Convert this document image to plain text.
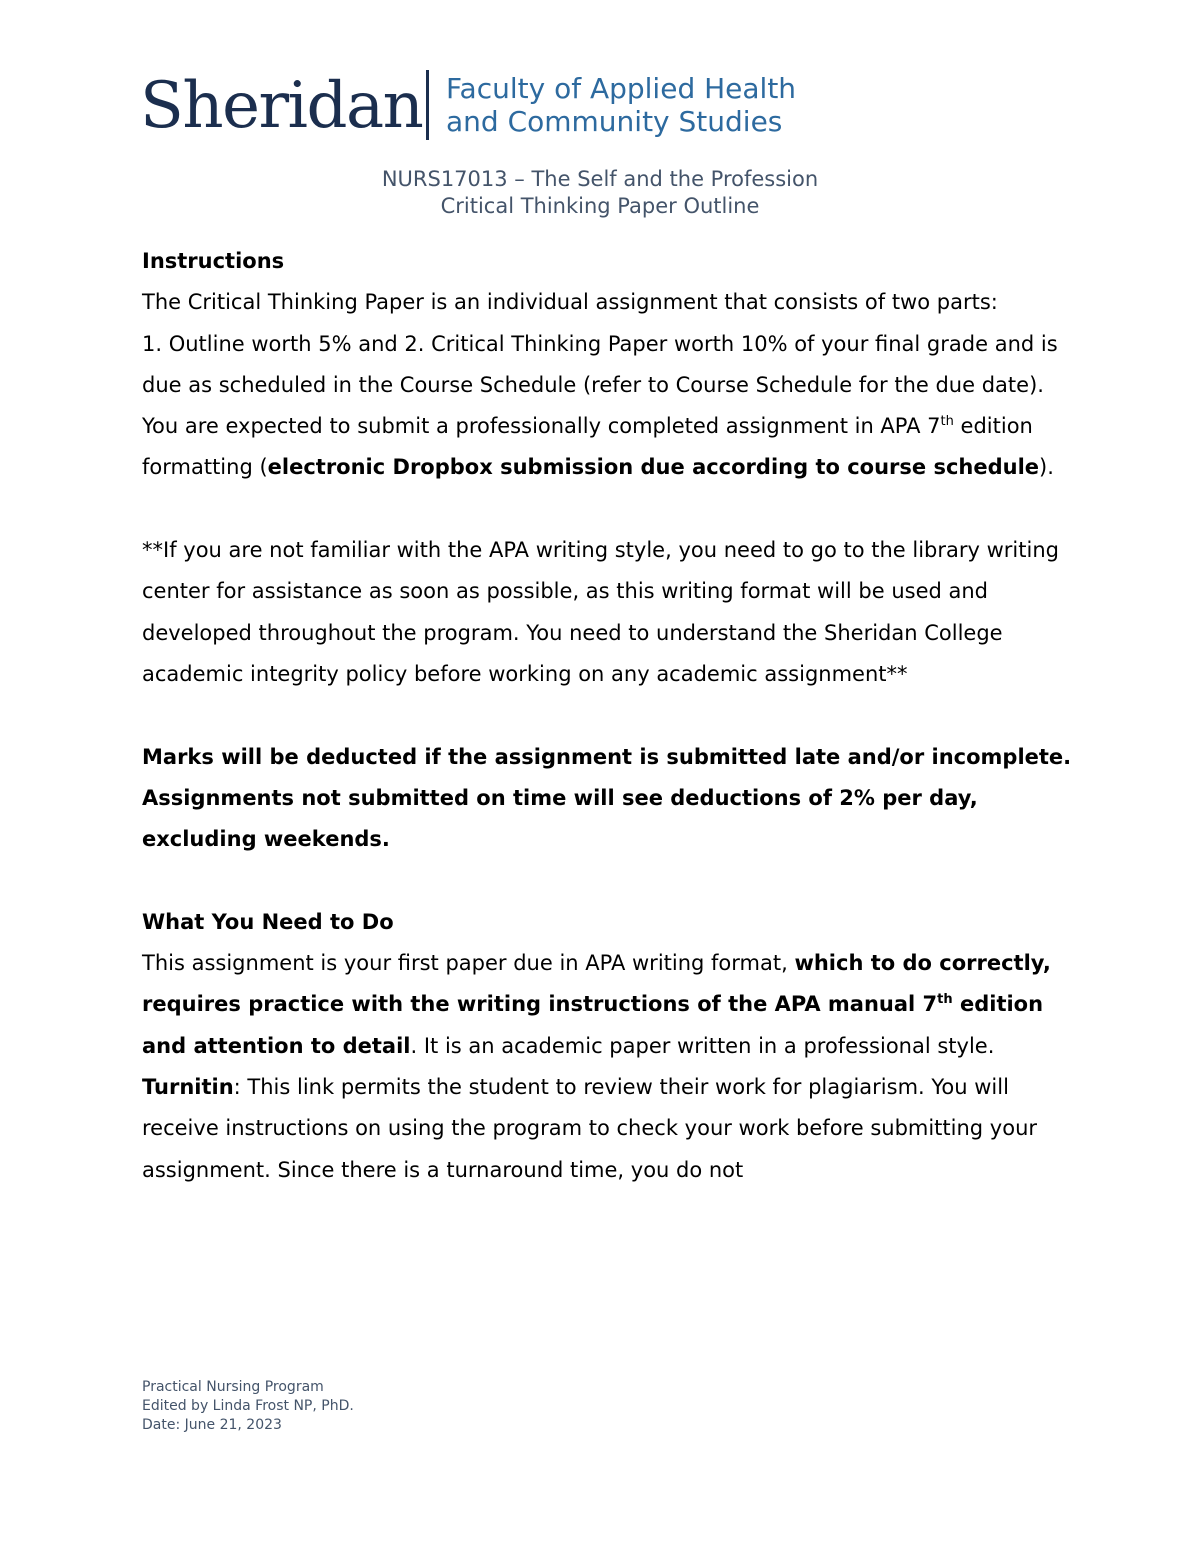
Sheridan Faculty of Applied Health
and Community Studies
NURS17013 – The Self and the Profession
Critical Thinking Paper Outline

Instructions

The Critical Thinking Paper is an individual assignment that consists of two parts:

1. Outline worth 5% and 2. Critical Thinking Paper worth 10% of your final grade and is due as scheduled in the Course Schedule (refer to Course Schedule for the due date). You are expected to submit a professionally completed assignment in APA 7th edition formatting (electronic Dropbox submission due according to course schedule).

**If you are not familiar with the APA writing style, you need to go to the library writing center for assistance as soon as possible, as this writing format will be used and developed throughout the program. You need to understand the Sheridan College academic integrity policy before working on any academic assignment**

Marks will be deducted if the assignment is submitted late and/or incomplete. Assignments not submitted on time will see deductions of 2% per day, excluding weekends.

What You Need to Do

This assignment is your first paper due in APA writing format, which to do correctly, requires practice with the writing instructions of the APA manual 7th edition and attention to detail. It is an academic paper written in a professional style.

Turnitin: This link permits the student to review their work for plagiarism. You will receive instructions on using the program to check your work before submitting your assignment. Since there is a turnaround time, you do not

Practical Nursing Program
Edited by Linda Frost NP, PhD.
Date: June 21, 2023
